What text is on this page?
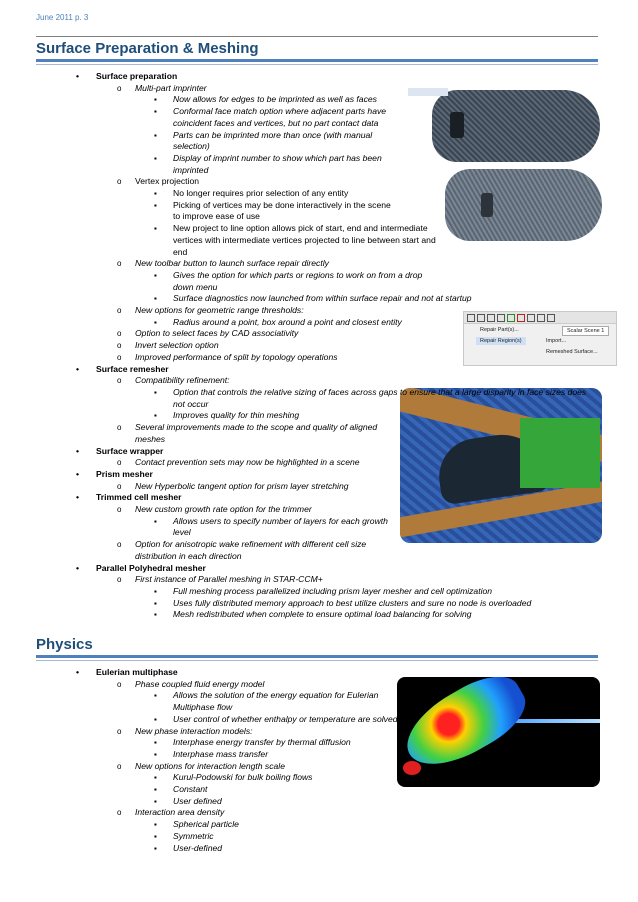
June 2011 p. 3
Surface Preparation & Meshing
Repair Part(s)...
Repair Region(s)
Scalar Scene 1
Import...
Remeshed Surface...
• Surface preparation
o Multi-part imprinter
▪ Now allows for edges to be imprinted as well as faces
▪ Conformal face match option where adjacent parts have coincident faces and vertices, but no part contact data
▪ Parts can be imprinted more than once (with manual selection)
▪ Display of imprint number to show which part has been imprinted
o Vertex projection
▪ No longer requires prior selection of any entity
▪ Picking of vertices may be done interactively in the scene to improve ease of use
▪ New project to line option allows pick of start, end and intermediate vertices with intermediate vertices projected to line between start and end
o New toolbar button to launch surface repair directly
▪ Gives the option for which parts or regions to work on from a drop down menu
▪ Surface diagnostics now launched from within surface repair and not at startup
o New options for geometric range thresholds:
▪ Radius around a point, box around a point and closest entity
o Option to select faces by CAD associativity
o Invert selection option
o Improved performance of split by topology operations
• Surface remesher
o Compatibility refinement:
▪ Option that controls the relative sizing of faces across gaps to ensure that a large disparity in face sizes does not occur
▪ Improves quality for thin meshing
o Several improvements made to the scope and quality of aligned meshes
• Surface wrapper
o Contact prevention sets may now be highlighted in a scene
• Prism mesher
o New Hyperbolic tangent option for prism layer stretching
• Trimmed cell mesher
o New custom growth rate option for the trimmer
▪ Allows users to specify number of layers for each growth level
o Option for anisotropic wake refinement with different cell size distribution in each direction
• Parallel Polyhedral mesher
o First instance of Parallel meshing in STAR-CCM+
▪ Full meshing process parallelized including prism layer mesher and cell optimization
▪ Uses fully distributed memory approach to best utilize clusters and sure no node is overloaded
▪ Mesh redistributed when complete to ensure optimal load balancing for solving
Physics
• Eulerian multiphase
o Phase coupled fluid energy model
▪ Allows the solution of the energy equation for Eulerian Multiphase flow
▪ User control of whether enthalpy or temperature are solved
o New phase interaction models:
▪ Interphase energy transfer by thermal diffusion
▪ Interphase mass transfer
o New options for interaction length scale
▪ Kurul-Podowski for bulk boiling flows
▪ Constant
▪ User defined
o Interaction area density
▪ Spherical particle
▪ Symmetric
▪ User-defined
